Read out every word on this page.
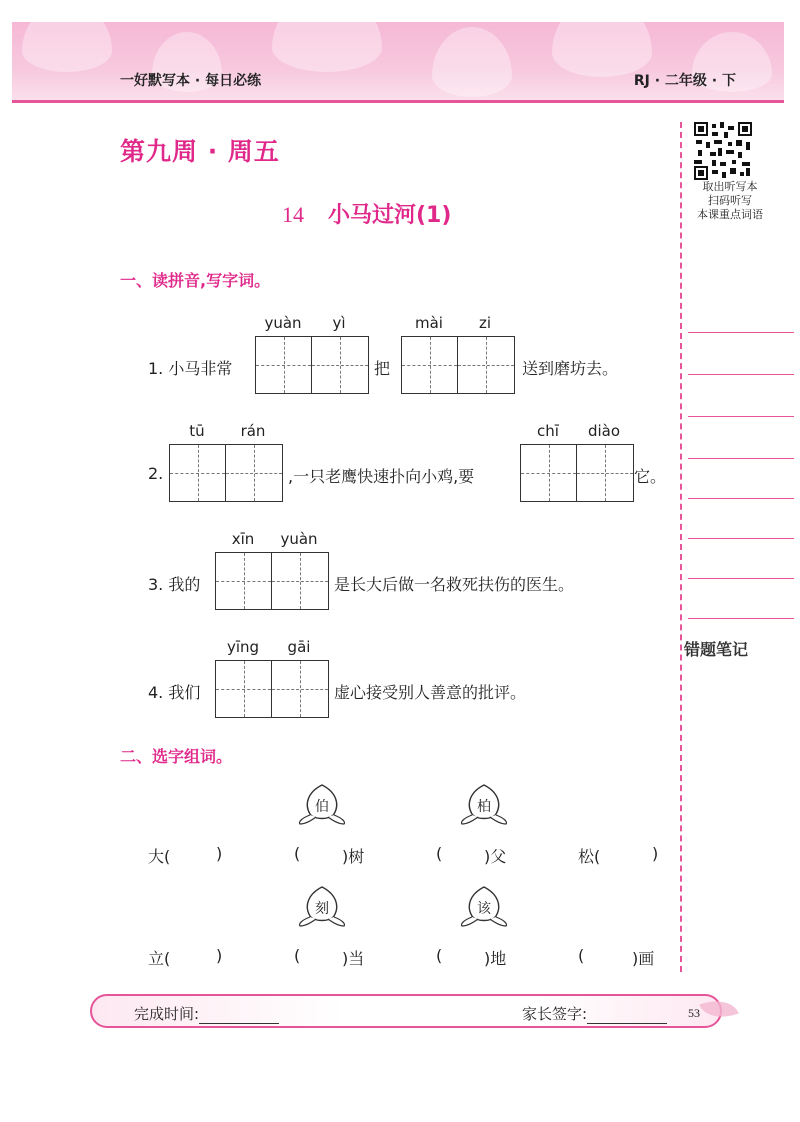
一好默写本 · 每日必练	RJ · 二年级 · 下
取出听写本
扫码听写
本课重点词语
错题笔记
第九周 · 周五
14 小马过河(1)
一、读拼音,写字词。
1. 小马非常
yuàn	yì
把
mài	zi
送到磨坊去。
2.
tū	rán
,一只老鹰快速扑向小鸡,要
chī	diào
它。
3. 我的
xīn	yuàn
是长大后做一名救死扶伤的医生。
4. 我们
yīng	gāi
虚心接受别人善意的批评。
二、选字组词。
伯	柏
大(	)	(	)树	(	)父	松(	)
刻	该
立(	)	(	)当	(	)地	(	)画
完成时间:	家长签字:	53
